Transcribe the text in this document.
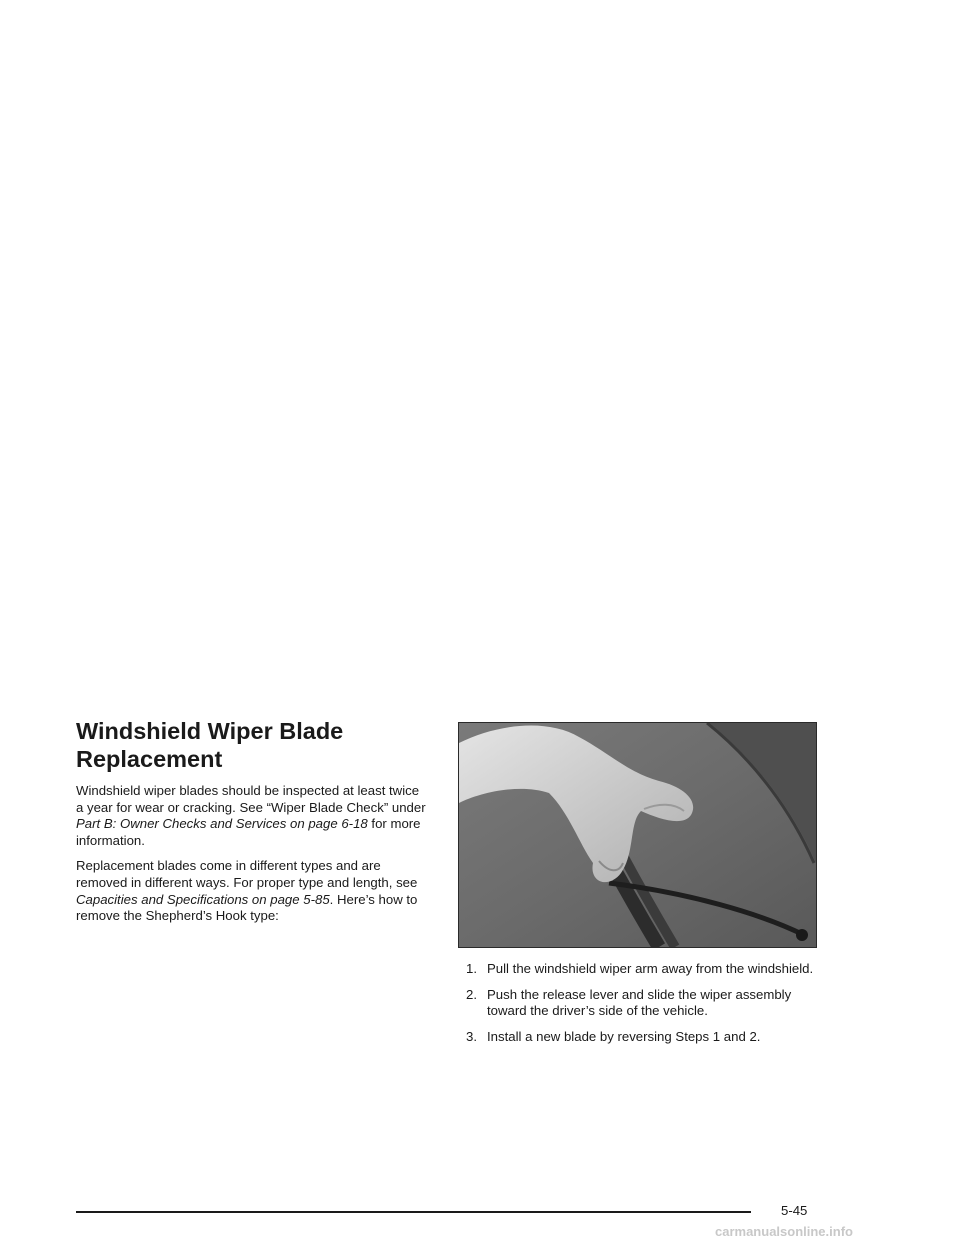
Windshield Wiper Blade
Replacement

Windshield wiper blades should be inspected at least twice a year for wear or cracking. See “Wiper Blade Check” under Part B: Owner Checks and Services on page 6-18 for more information.

Replacement blades come in different types and are removed in different ways. For proper type and length, see Capacities and Specifications on page 5-85. Here’s how to remove the Shepherd’s Hook type:

1. Pull the windshield wiper arm away from the windshield.
2. Push the release lever and slide the wiper assembly toward the driver’s side of the vehicle.
3. Install a new blade by reversing Steps 1 and 2.
5-45
carmanualsonline.info
